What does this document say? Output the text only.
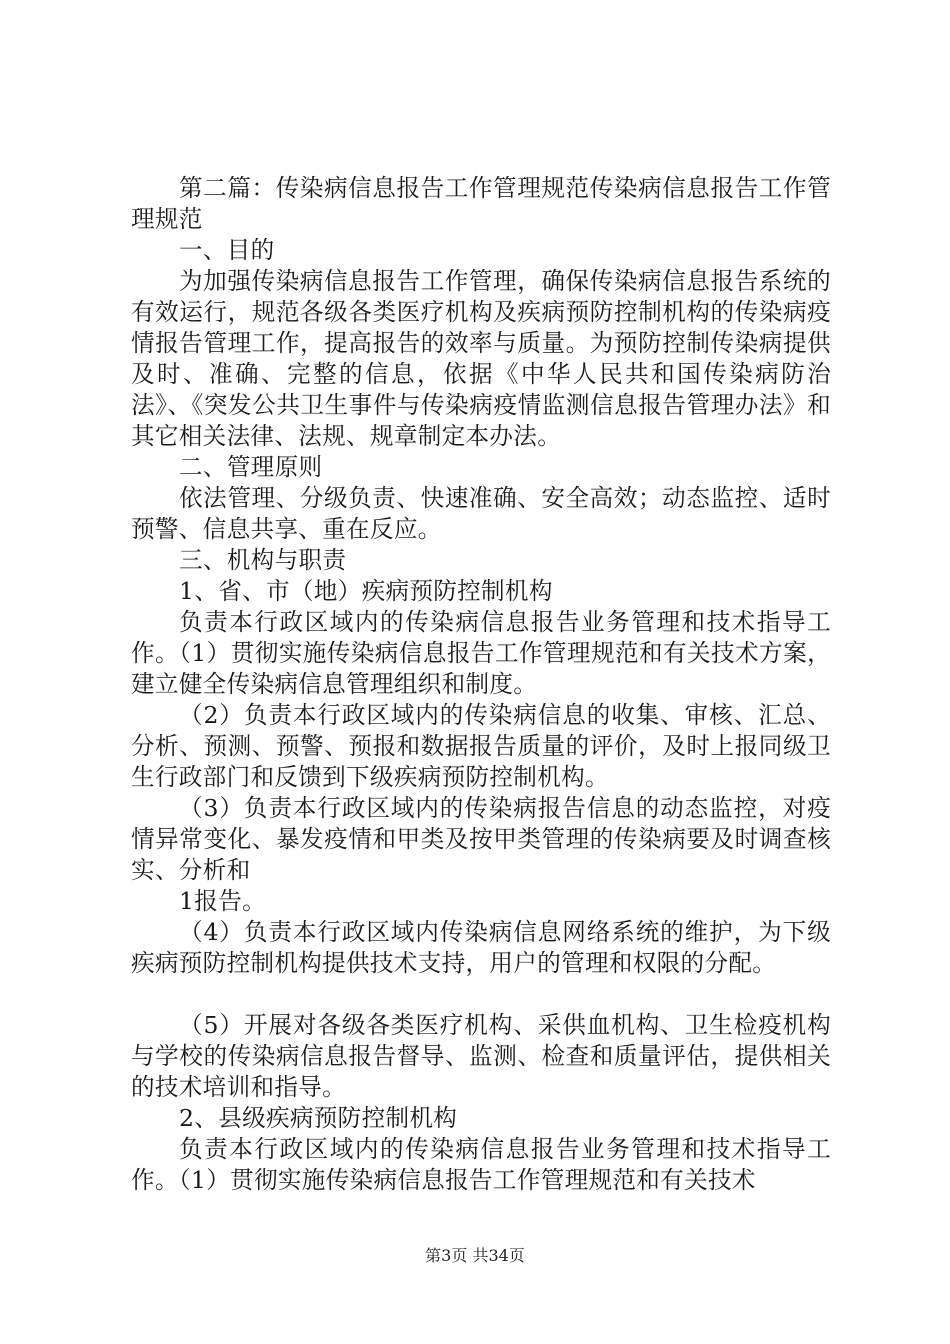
第二篇：传染病信息报告工作管理规范传染病信息报告工作管理规范

一、目的

为加强传染病信息报告工作管理，确保传染病信息报告系统的有效运行，规范各级各类医疗机构及疾病预防控制机构的传染病疫情报告管理工作，提高报告的效率与质量。为预防控制传染病提供及时、准确、完整的信息，依据《中华人民共和国传染病防治法》、《突发公共卫生事件与传染病疫情监测信息报告管理办法》和其它相关法律、法规、规章制定本办法。

二、管理原则

依法管理、分级负责、快速准确、安全高效；动态监控、适时预警、信息共享、重在反应。

三、机构与职责

1、省、市（地）疾病预防控制机构

负责本行政区域内的传染病信息报告业务管理和技术指导工作。（1）贯彻实施传染病信息报告工作管理规范和有关技术方案，建立健全传染病信息管理组织和制度。

（2）负责本行政区域内的传染病信息的收集、审核、汇总、分析、预测、预警、预报和数据报告质量的评价，及时上报同级卫生行政部门和反馈到下级疾病预防控制机构。

（3）负责本行政区域内的传染病报告信息的动态监控，对疫情异常变化、暴发疫情和甲类及按甲类管理的传染病要及时调查核实、分析和

1报告。

（4）负责本行政区域内传染病信息网络系统的维护，为下级疾病预防控制机构提供技术支持，用户的管理和权限的分配。

（5）开展对各级各类医疗机构、采供血机构、卫生检疫机构与学校的传染病信息报告督导、监测、检查和质量评估，提供相关的技术培训和指导。

2、县级疾病预防控制机构

负责本行政区域内的传染病信息报告业务管理和技术指导工作。（1）贯彻实施传染病信息报告工作管理规范和有关技术

第3页 共34页
